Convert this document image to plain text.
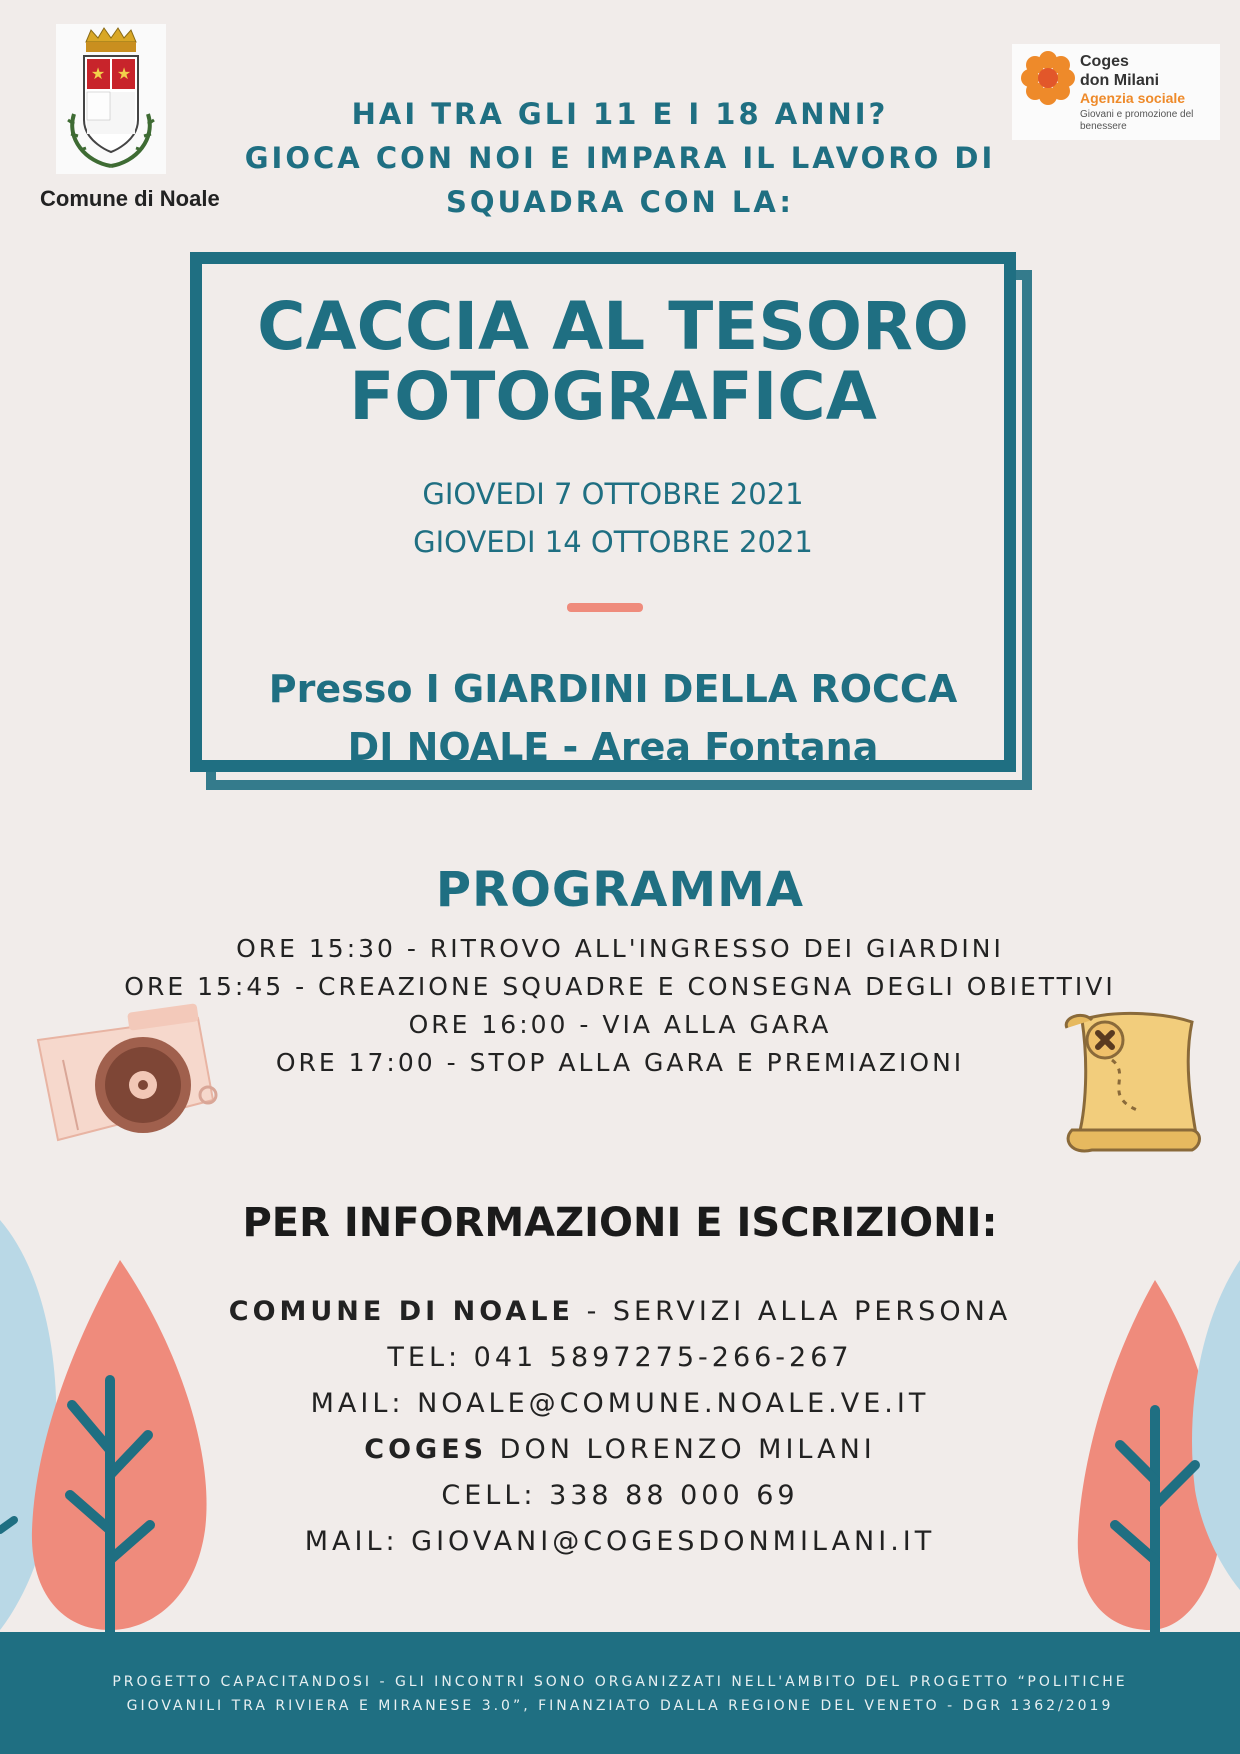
★ ★
Comune di Noale
Coges
don Milani
Agenzia sociale
Giovani e promozione del benessere
HAI TRA GLI 11 E I 18 ANNI?
GIOCA CON NOI E IMPARA IL LAVORO DI
SQUADRA CON LA:
CACCIA AL TESORO
FOTOGRAFICA
GIOVEDI 7 OTTOBRE 2021
GIOVEDI 14 OTTOBRE 2021
Presso I GIARDINI DELLA ROCCA
DI NOALE - Area Fontana
PROGRAMMA
ORE 15:30 - RITROVO ALL'INGRESSO DEI GIARDINI
ORE 15:45 - CREAZIONE SQUADRE E CONSEGNA DEGLI OBIETTIVI
ORE 16:00 - VIA ALLA GARA
ORE 17:00 - STOP ALLA GARA E PREMIAZIONI
PER INFORMAZIONI E ISCRIZIONI:
COMUNE DI NOALE - SERVIZI ALLA PERSONA
TEL: 041 5897275-266-267
MAIL: NOALE@COMUNE.NOALE.VE.IT
COGES DON LORENZO MILANI
CELL: 338 88 000 69
MAIL: GIOVANI@COGESDONMILANI.IT
PROGETTO CAPACITANDOSI - GLI INCONTRI SONO ORGANIZZATI NELL'AMBITO DEL PROGETTO “POLITICHE
GIOVANILI TRA RIVIERA E MIRANESE 3.0”, FINANZIATO DALLA REGIONE DEL VENETO - DGR 1362/2019
